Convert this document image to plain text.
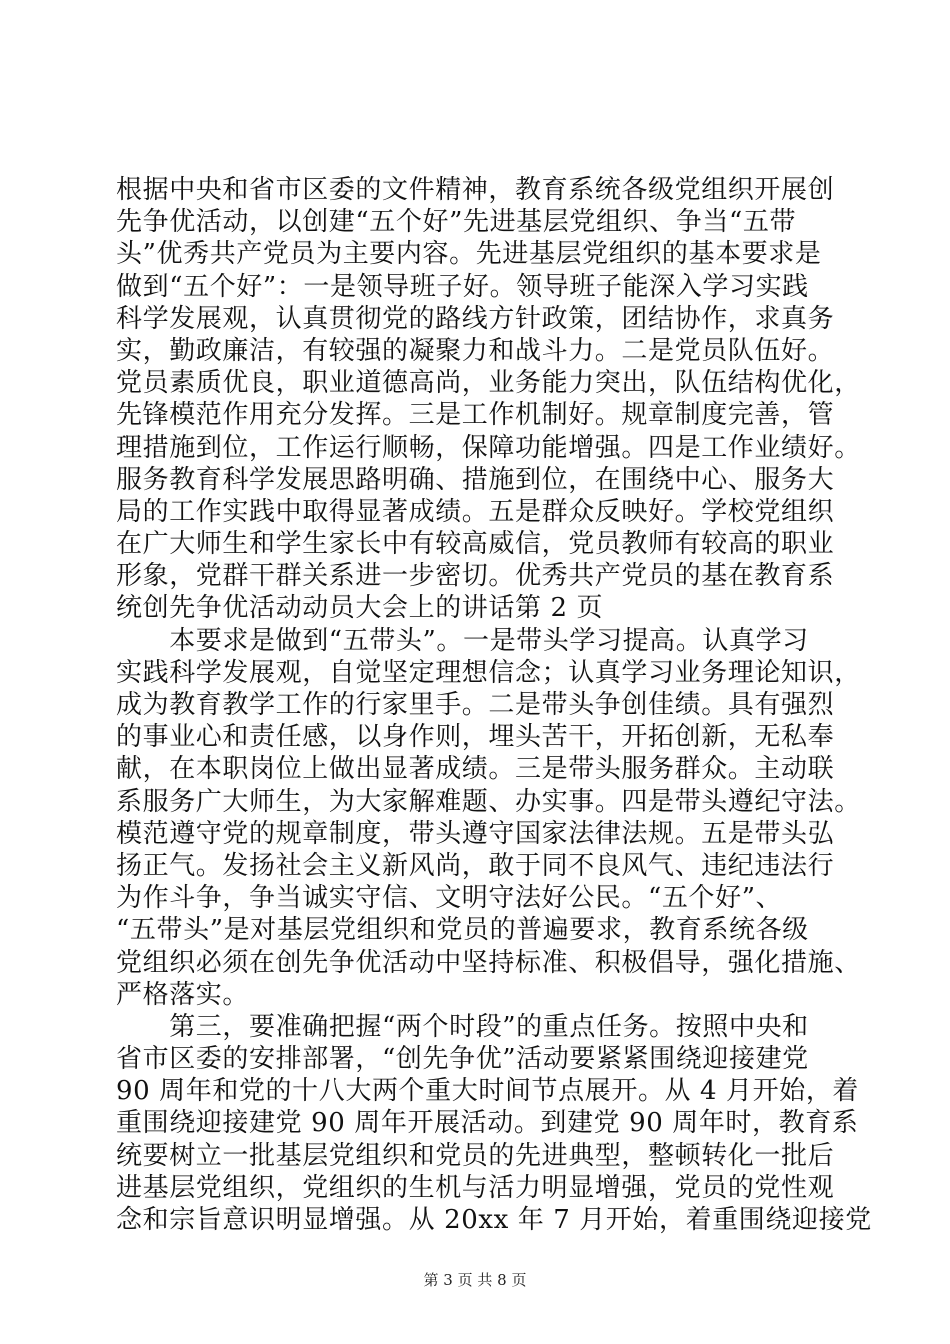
根据中央和省市区委的文件精神，教育系统各级党组织开展创
先争优活动，以创建“五个好”先进基层党组织、争当“五带
头”优秀共产党员为主要内容。先进基层党组织的基本要求是
做到“五个好”：一是领导班子好。领导班子能深入学习实践
科学发展观，认真贯彻党的路线方针政策，团结协作，求真务
实，勤政廉洁，有较强的凝聚力和战斗力。二是党员队伍好。
党员素质优良，职业道德高尚，业务能力突出，队伍结构优化，
先锋模范作用充分发挥。三是工作机制好。规章制度完善，管
理措施到位，工作运行顺畅，保障功能增强。四是工作业绩好。
服务教育科学发展思路明确、措施到位，在围绕中心、服务大
局的工作实践中取得显著成绩。五是群众反映好。学校党组织
在广大师生和学生家长中有较高威信，党员教师有较高的职业
形象，党群干群关系进一步密切。优秀共产党员的基在教育系
统创先争优活动动员大会上的讲话第 2 页
　　本要求是做到“五带头”。一是带头学习提高。认真学习
实践科学发展观，自觉坚定理想信念；认真学习业务理论知识，
成为教育教学工作的行家里手。二是带头争创佳绩。具有强烈
的事业心和责任感，以身作则，埋头苦干，开拓创新，无私奉
献，在本职岗位上做出显著成绩。三是带头服务群众。主动联
系服务广大师生，为大家解难题、办实事。四是带头遵纪守法。
模范遵守党的规章制度，带头遵守国家法律法规。五是带头弘
扬正气。发扬社会主义新风尚，敢于同不良风气、违纪违法行
为作斗争，争当诚实守信、文明守法好公民。“五个好”、
“五带头”是对基层党组织和党员的普遍要求，教育系统各级
党组织必须在创先争优活动中坚持标准、积极倡导，强化措施、
严格落实。
　　第三，要准确把握“两个时段”的重点任务。按照中央和
省市区委的安排部署，“创先争优”活动要紧紧围绕迎接建党
90 周年和党的十八大两个重大时间节点展开。从 4 月开始，着
重围绕迎接建党 90 周年开展活动。到建党 90 周年时，教育系
统要树立一批基层党组织和党员的先进典型，整顿转化一批后
进基层党组织，党组织的生机与活力明显增强，党员的党性观
念和宗旨意识明显增强。从 20xx 年 7 月开始，着重围绕迎接党
第 3 页 共 8 页
